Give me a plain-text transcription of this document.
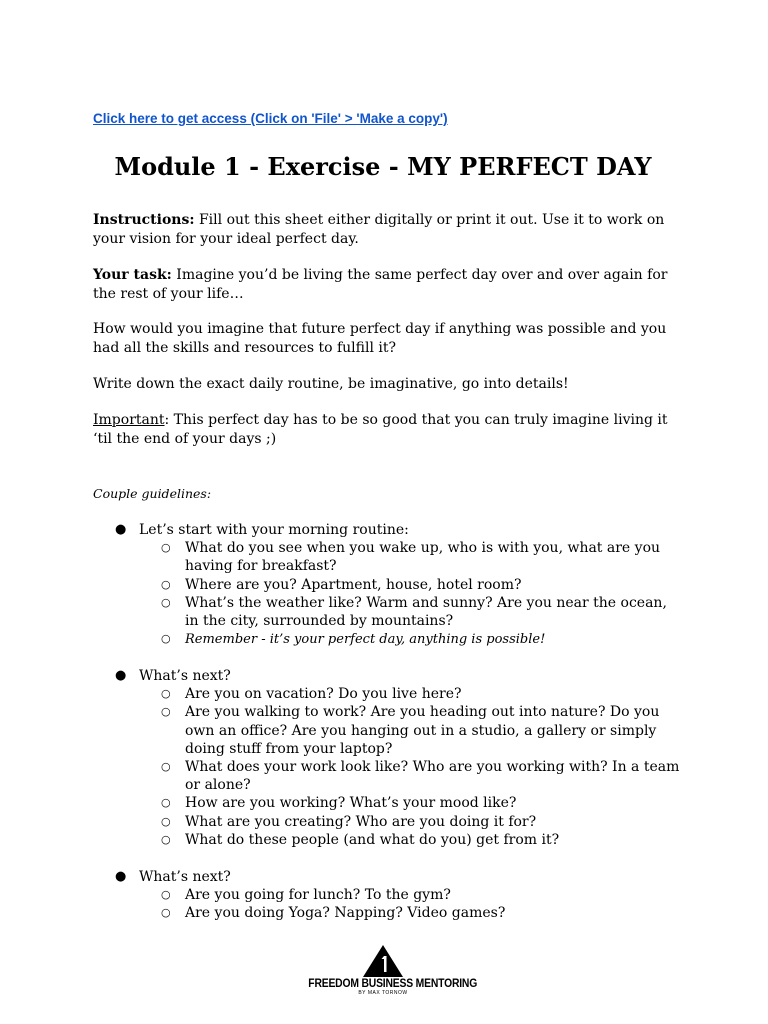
Click here to get access (Click on 'File' > 'Make a copy')
Module 1 - Exercise - MY PERFECT DAY

Instructions: Fill out this sheet either digitally or print it out. Use it to work on your vision for your ideal perfect day.

Your task: Imagine you’d be living the same perfect day over and over again for the rest of your life…

How would you imagine that future perfect day if anything was possible and you had all the skills and resources to fulfill it?

Write down the exact daily routine, be imaginative, go into details!

Important: This perfect day has to be so good that you can truly imagine living it ‘til the end of your days ;)

Couple guidelines:

● Let’s start with your morning routine:
○ What do you see when you wake up, who is with you, what are you having for breakfast?
○ Where are you? Apartment, house, hotel room?
○ What’s the weather like? Warm and sunny? Are you near the ocean, in the city, surrounded by mountains?
○ Remember - it’s your perfect day, anything is possible!
● What’s next?
○ Are you on vacation? Do you live here?
○ Are you walking to work? Are you heading out into nature? Do you own an office? Are you hanging out in a studio, a gallery or simply doing stuff from your laptop?
○ What does your work look like? Who are you working with? In a team or alone?
○ How are you working? What’s your mood like?
○ What are you creating? Who are you doing it for?
○ What do these people (and what do you) get from it?
● What’s next?
○ Are you going for lunch? To the gym?
○ Are you doing Yoga? Napping? Video games?
FREEDOM BUSINESS MENTORING
BY MAX TORNOW
